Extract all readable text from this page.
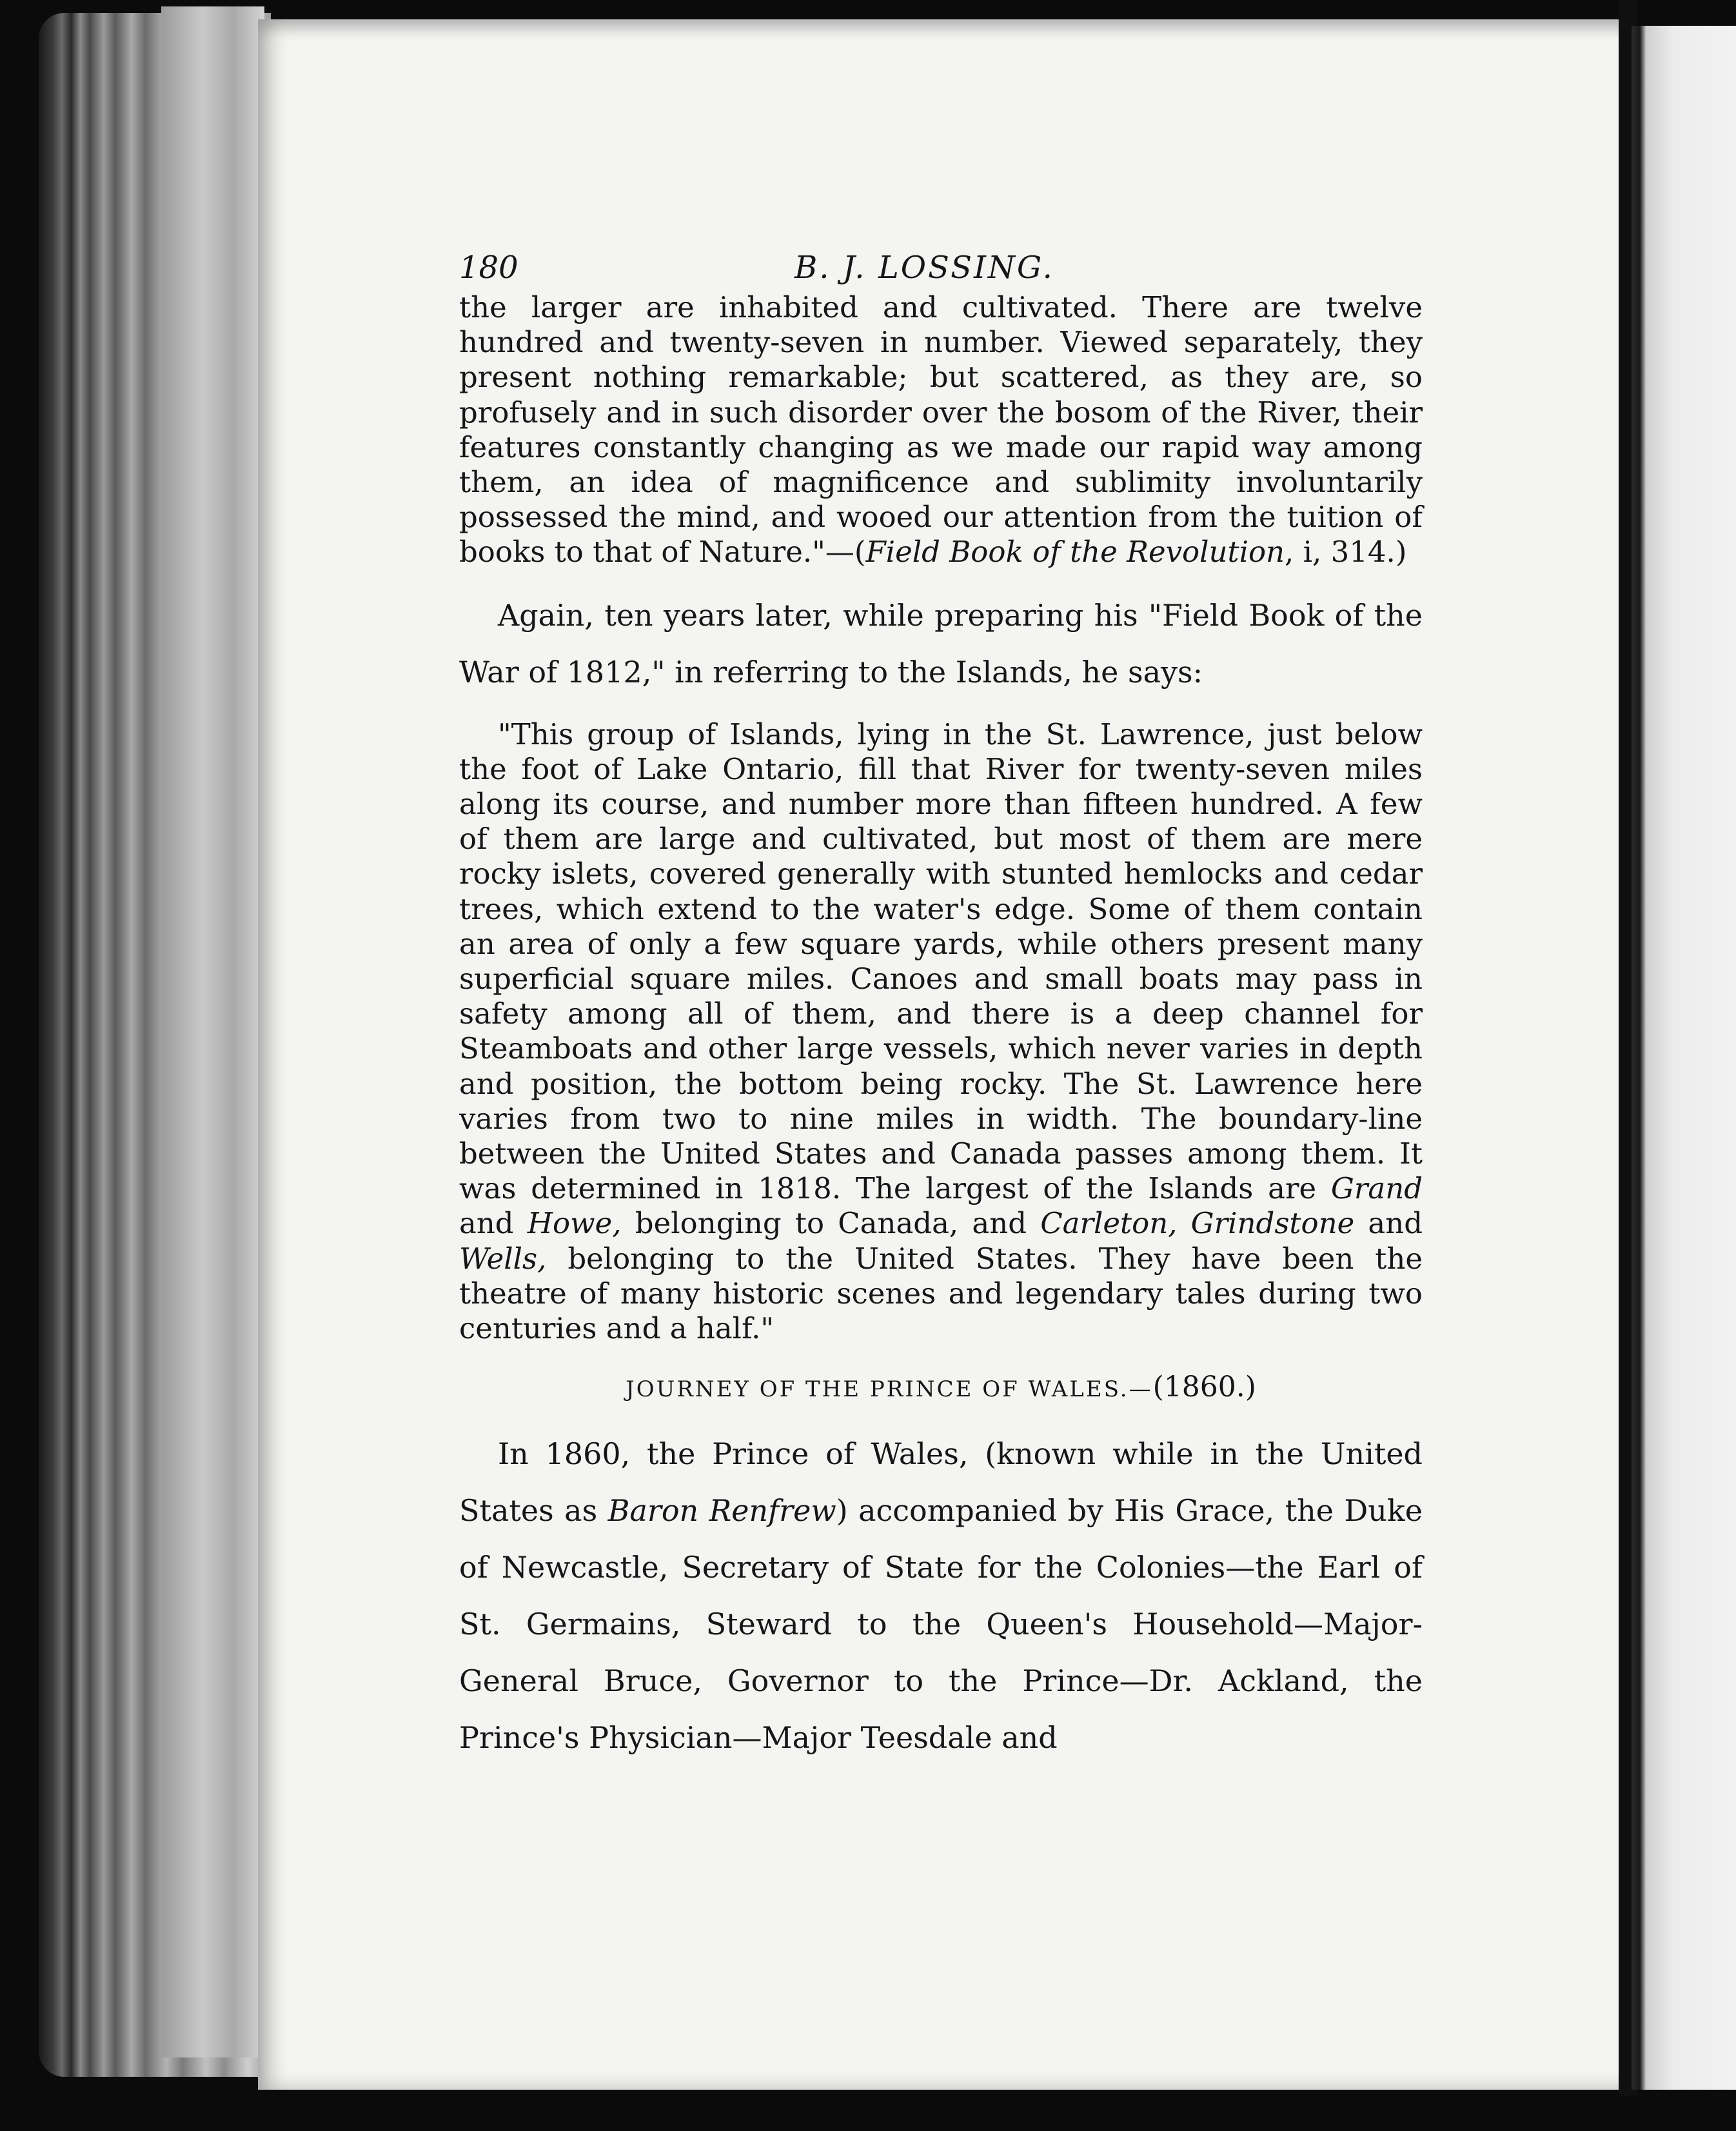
180	B. J. LOSSING.

the larger are inhabited and cultivated. There are twelve hundred and twenty-seven in number. Viewed separately, they present nothing remarkable; but scattered, as they are, so profusely and in such disorder over the bosom of the River, their features constantly changing as we made our rapid way among them, an idea of magnificence and sublimity involuntarily possessed the mind, and wooed our attention from the tuition of books to that of Nature."—(Field Book of the Revolution, i, 314.)

Again, ten years later, while preparing his "Field Book of the War of 1812," in referring to the Islands, he says:

"This group of Islands, lying in the St. Lawrence, just below the foot of Lake Ontario, fill that River for twenty-seven miles along its course, and number more than fifteen hundred. A few of them are large and cultivated, but most of them are mere rocky islets, covered generally with stunted hemlocks and cedar trees, which extend to the water's edge. Some of them contain an area of only a few square yards, while others present many superficial square miles. Canoes and small boats may pass in safety among all of them, and there is a deep channel for Steamboats and other large vessels, which never varies in depth and position, the bottom being rocky. The St. Lawrence here varies from two to nine miles in width. The boundary-line between the United States and Canada passes among them. It was determined in 1818. The largest of the Islands are Grand and Howe, belonging to Canada, and Carleton, Grindstone and Wells, belonging to the United States. They have been the theatre of many historic scenes and legendary tales during two centuries and a half."

JOURNEY OF THE PRINCE OF WALES.—(1860.)

In 1860, the Prince of Wales, (known while in the United States as Baron Renfrew) accompanied by His Grace, the Duke of Newcastle, Secretary of State for the Colonies—the Earl of St. Germains, Steward to the Queen's Household—Major-General Bruce, Governor to the Prince—Dr. Ackland, the Prince's Physician—Major Teesdale and
